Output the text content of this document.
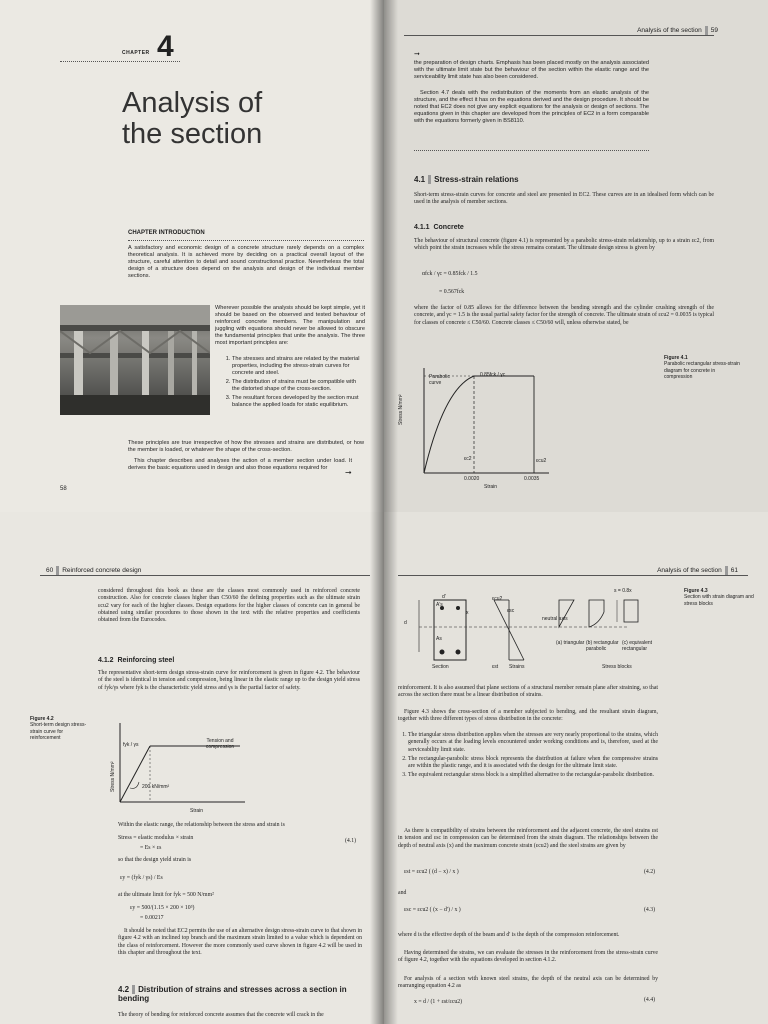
CHAPTER 4
Analysis of
the section
CHAPTER INTRODUCTION
A satisfactory and economic design of a concrete structure rarely depends on a complex theoretical analysis. It is achieved more by deciding on a practical overall layout of the structure, careful attention to detail and sound constructional practice. Nevertheless the total design of a structure does depend on the analysis and design of the individual member sections.
Wherever possible the analysis should be kept simple, yet it should be based on the observed and tested behaviour of reinforced concrete members. The manipulation and juggling with equations should never be allowed to obscure the fundamental principles that unite the analysis. The three most important principles are:
1. The stresses and strains are related by the material properties, including the stress-strain curves for concrete and steel.
2. The distribution of strains must be compatible with the distorted shape of the cross-section.
3. The resultant forces developed by the section must balance the applied loads for static equilibrium.
These principles are true irrespective of how the stresses and strains are distributed, or how the member is loaded, or whatever the shape of the cross-section.
This chapter describes and analyses the action of a member section under load. It derives the basic equations used in design and also those equations required for	➞
58
Analysis of the section 59
➞
the preparation of design charts. Emphasis has been placed mostly on the analysis associated with the ultimate limit state but the behaviour of the section within the elastic range and the serviceability limit state has also been considered.
Section 4.7 deals with the redistribution of the moments from an elastic analysis of the structure, and the effect it has on the equations derived and the design procedure. It should be noted that EC2 does not give any explicit equations for the analysis or design of sections. The equations given in this chapter are developed from the principles of EC2 in a form comparable with the equations formerly given in BS8110.
4.1 Stress-strain relations
Short-term stress-strain curves for concrete and steel are presented in EC2. These curves are in an idealised form which can be used in the analysis of member sections.
4.1.1 Concrete
The behaviour of structural concrete (figure 4.1) is represented by a parabolic stress-strain relationship, up to a strain εc2, from which point the strain increases while the stress remains constant. The ultimate design stress is given by
αfck / γc = 0.85fck / 1.5
= 0.567fck
where the factor of 0.85 allows for the difference between the bending strength and the cylinder crushing strength of the concrete, and γc = 1.5 is the usual partial safety factor for the strength of concrete. The ultimate strain of εcu2 = 0.0035 is typical for classes of concrete ≤ C50/60. Concrete classes ≤ C50/60 will, unless otherwise stated, be
Figure 4.1
Parabolic rectangular stress-strain diagram for concrete in compression
Stress N/mm²
Parabolic curve
0.85fck / γc
εc2	εcu2
0.0020	0.0035
Strain
60 Reinforced concrete design
considered throughout this book as these are the classes most commonly used in reinforced concrete construction. Also for concrete classes higher than C50/60 the defining properties such as the ultimate strain εcu2 vary for each of the higher classes. Design equations for the higher classes of concrete can in general be obtained using similar procedures to those shown in the text with the relative properties and coefficients obtained from the Eurocodes.
4.1.2 Reinforcing steel
The representative short-term design stress-strain curve for reinforcement is given in figure 4.2. The behaviour of the steel is identical in tension and compression, being linear in the elastic range up to the design yield stress of fyk/γs where fyk is the characteristic yield stress and γs is the partial factor of safety.
Figure 4.2
Short-term design stress-strain curve for reinforcement
Stress N/mm²
fyk / γs
Tension and compression
200 kN/mm²
Strain
Within the elastic range, the relationship between the stress and strain is
Stress = elastic modulus × strain
= Es × εs
(4.1)
so that the design yield strain is
εy = (fyk / γs) / Es
at the ultimate limit for fyk = 500 N/mm²
εy = 500/(1.15 × 200 × 10³)
= 0.00217
It should be noted that EC2 permits the use of an alternative design stress-strain curve to that shown in figure 4.2 with an inclined top branch and the maximum strain limited to a value which is dependent on the class of reinforcement. However the more commonly used curve shown in figure 4.2 will be used in this chapter and throughout the text.
4.2 Distribution of strains and stresses across a section in bending
The theory of bending for reinforced concrete assumes that the concrete will crack in the
Analysis of the section 61
Figure 4.3
Section with strain diagram and stress blocks
d
d'
x
As
A's
εcu2
εsc
εst
neutral axis
s = 0.8x
(a) triangular (b) rectangular parabolic
(c) equivalent rectangular
Section	Strains	Stress blocks
reinforcement. It is also assumed that plane sections of a structural member remain plane after straining, so that across the section there must be a linear distribution of strains.
Figure 4.3 shows the cross-section of a member subjected to bending, and the resultant strain diagram, together with three different types of stress distribution in the concrete:
1. The triangular stress distribution applies when the stresses are very nearly proportional to the strains, which generally occurs at the loading levels encountered under working conditions and is, therefore, used at the serviceability limit state.
2. The rectangular-parabolic stress block represents the distribution at failure when the compressive strains are within the plastic range, and it is associated with the design for the ultimate limit state.
3. The equivalent rectangular stress block is a simplified alternative to the rectangular-parabolic distribution.
As there is compatibility of strains between the reinforcement and the adjacent concrete, the steel strains εst in tension and εsc in compression can be determined from the strain diagram. The relationships between the depth of neutral axis (x) and the maximum concrete strain (εcu2) and the steel strains are given by
εst = εcu2 ( (d − x) / x )	(4.2)
and
εsc = εcu2 ( (x − d') / x )	(4.3)
where d is the effective depth of the beam and d' is the depth of the compression reinforcement.
Having determined the strains, we can evaluate the stresses in the reinforcement from the stress-strain curve of figure 4.2, together with the equations developed in section 4.1.2.
For analysis of a section with known steel strains, the depth of the neutral axis can be determined by rearranging equation 4.2 as
x = d / (1 + εst/εcu2)	(4.4)
